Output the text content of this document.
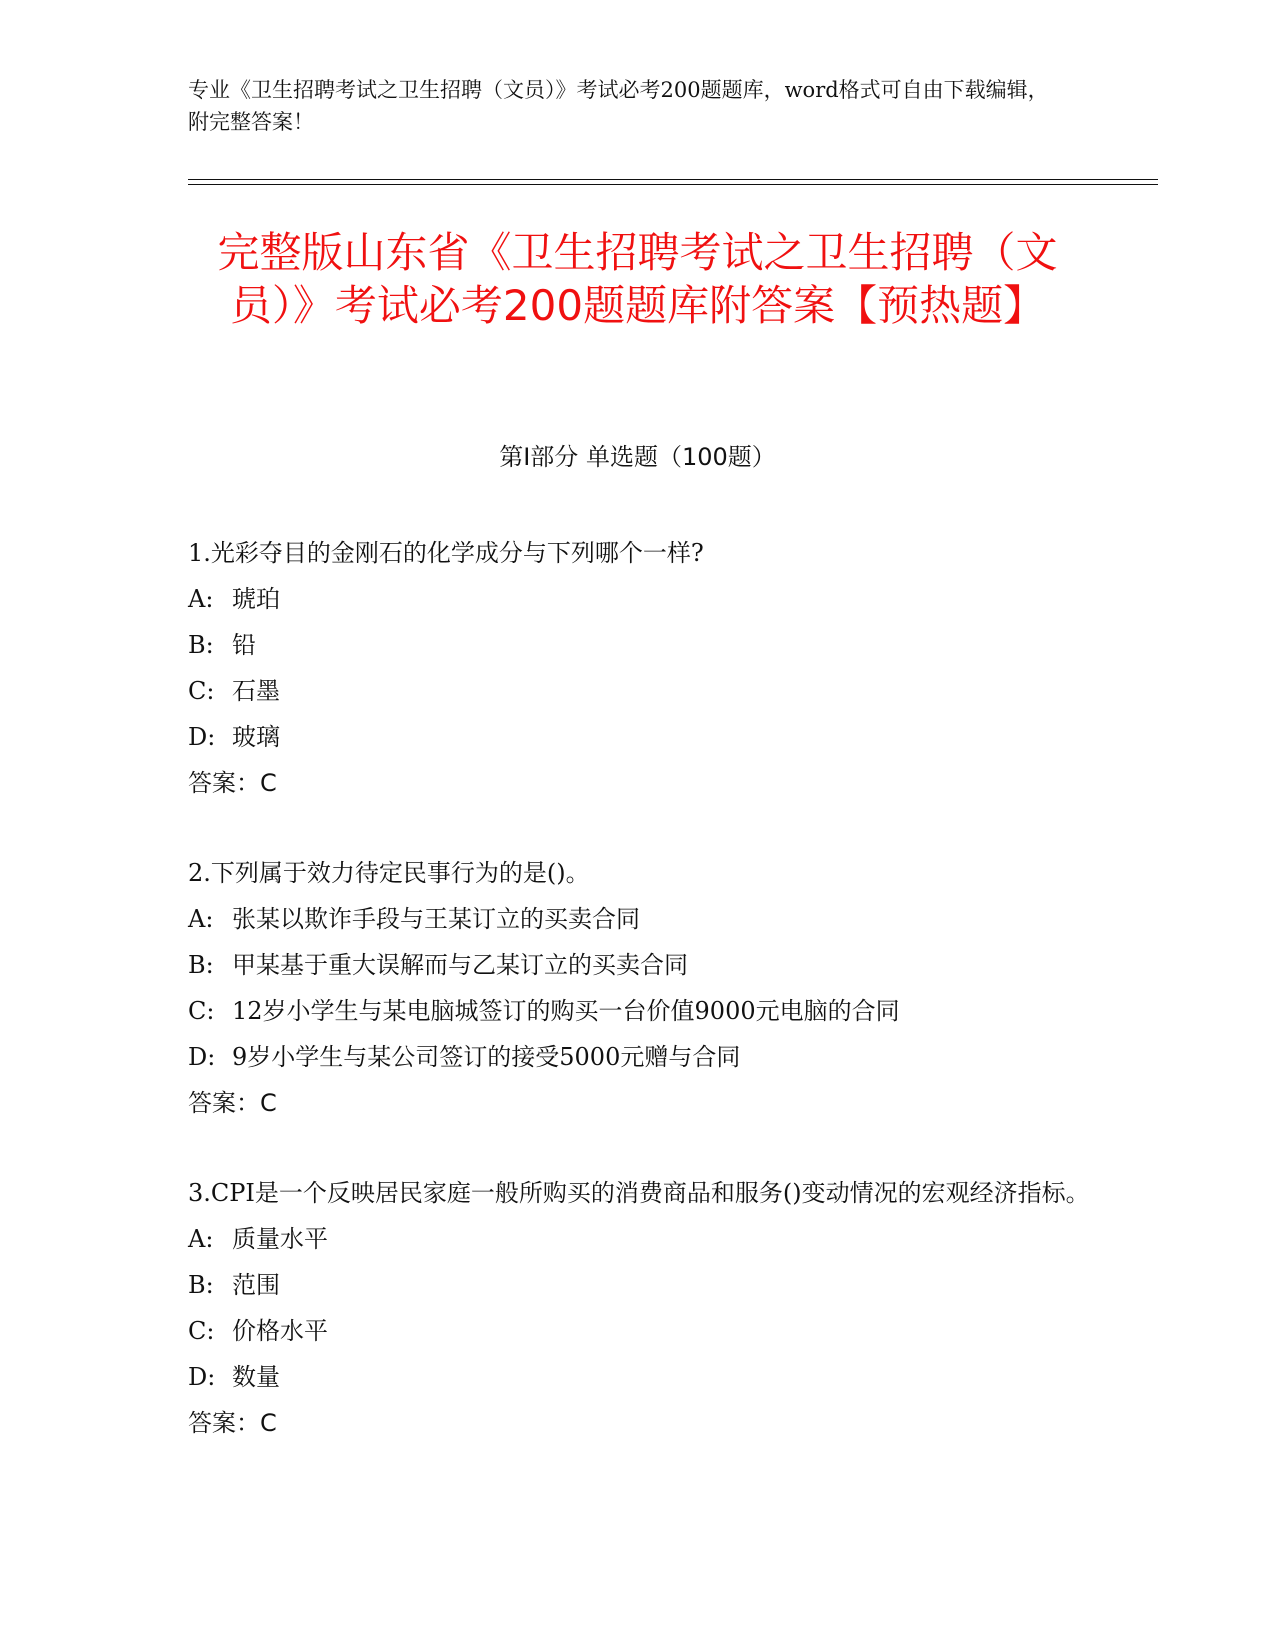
专业《卫生招聘考试之卫生招聘（文员）》考试必考200题题库，word格式可自由下载编辑，附完整答案！
完整版山东省《卫生招聘考试之卫生招聘（文员）》考试必考200题题库附答案【预热题】
第Ⅰ部分 单选题（100题）

1.光彩夺目的金刚石的化学成分与下列哪个一样?

A: 琥珀

B: 铅

C: 石墨

D: 玻璃

答案：C

2.下列属于效力待定民事行为的是()。

A: 张某以欺诈手段与王某订立的买卖合同

B: 甲某基于重大误解而与乙某订立的买卖合同

C: 12岁小学生与某电脑城签订的购买一台价值9000元电脑的合同

D: 9岁小学生与某公司签订的接受5000元赠与合同

答案：C

3.CPI是一个反映居民家庭一般所购买的消费商品和服务()变动情况的宏观经济指标。

A: 质量水平

B: 范围

C: 价格水平

D: 数量

答案：C
